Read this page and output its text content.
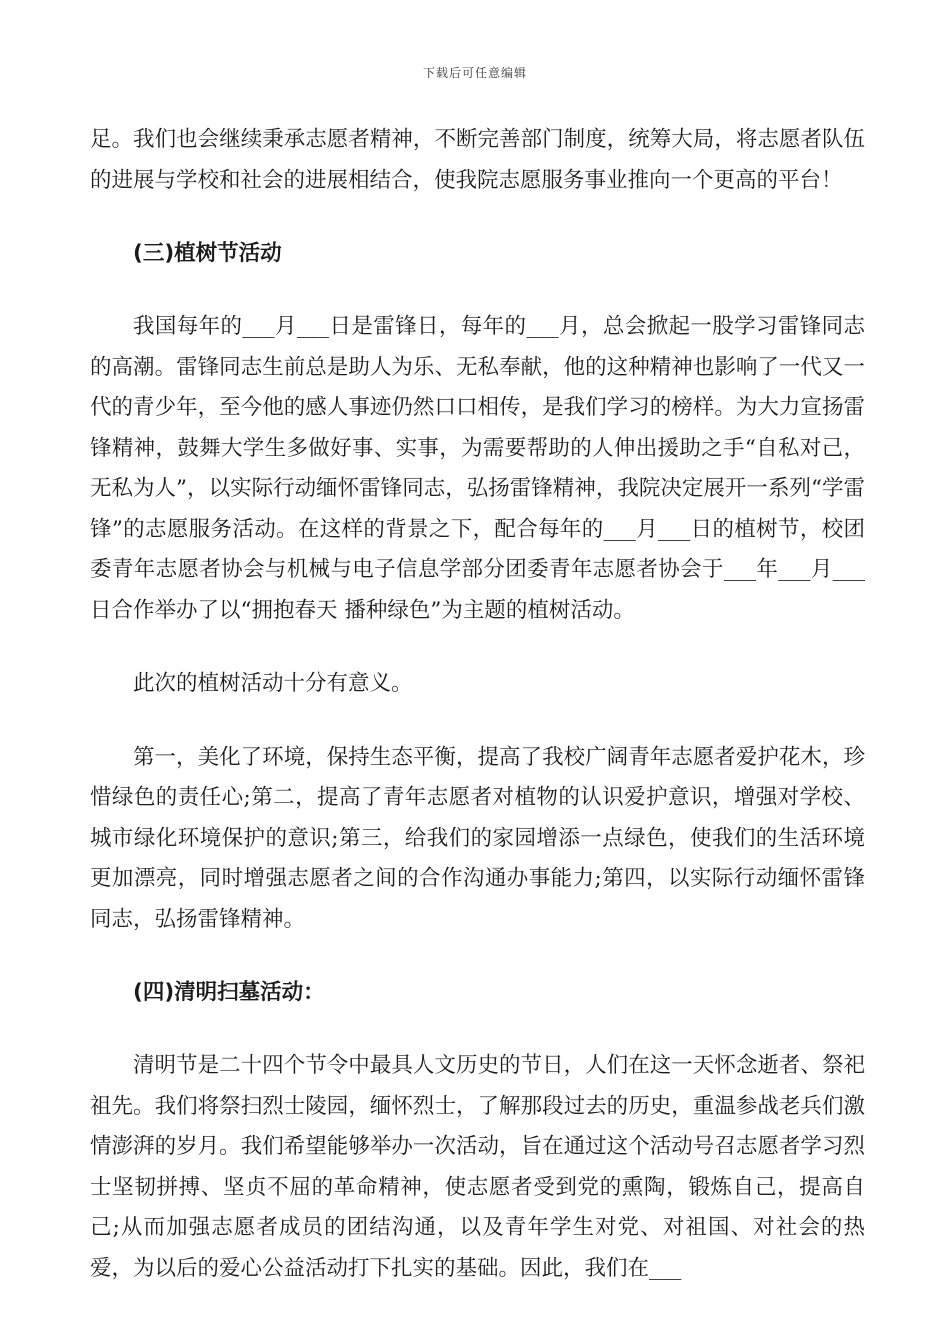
下载后可任意编辑

足。我们也会继续秉承志愿者精神，不断完善部门制度，统筹大局，将志愿者队伍的进展与学校和社会的进展相结合，使我院志愿服务事业推向一个更高的平台！

(三)植树节活动

我国每年的___月___日是雷锋日，每年的___月，总会掀起一股学习雷锋同志的高潮。雷锋同志生前总是助人为乐、无私奉献，他的这种精神也影响了一代又一代的青少年，至今他的感人事迹仍然口口相传，是我们学习的榜样。为大力宣扬雷锋精神，鼓舞大学生多做好事、实事，为需要帮助的人伸出援助之手“自私对己，无私为人”，以实际行动缅怀雷锋同志，弘扬雷锋精神，我院决定展开一系列“学雷锋”的志愿服务活动。在这样的背景之下，配合每年的___月___日的植树节，校团委青年志愿者协会与机械与电子信息学部分团委青年志愿者协会于___年___月___日合作举办了以“拥抱春天 播种绿色”为主题的植树活动。

此次的植树活动十分有意义。

第一，美化了环境，保持生态平衡，提高了我校广阔青年志愿者爱护花木，珍惜绿色的责任心;第二，提高了青年志愿者对植物的认识爱护意识，增强对学校、城市绿化环境保护的意识;第三，给我们的家园增添一点绿色，使我们的生活环境更加漂亮，同时增强志愿者之间的合作沟通办事能力;第四，以实际行动缅怀雷锋同志，弘扬雷锋精神。

(四)清明扫墓活动：

清明节是二十四个节令中最具人文历史的节日，人们在这一天怀念逝者、祭祀祖先。我们将祭扫烈士陵园，缅怀烈士，了解那段过去的历史，重温参战老兵们激情澎湃的岁月。我们希望能够举办一次活动，旨在通过这个活动号召志愿者学习烈士坚韧拼搏、坚贞不屈的革命精神，使志愿者受到党的熏陶，锻炼自己，提高自己;从而加强志愿者成员的团结沟通，以及青年学生对党、对祖国、对社会的热爱，为以后的爱心公益活动打下扎实的基础。因此，我们在___
